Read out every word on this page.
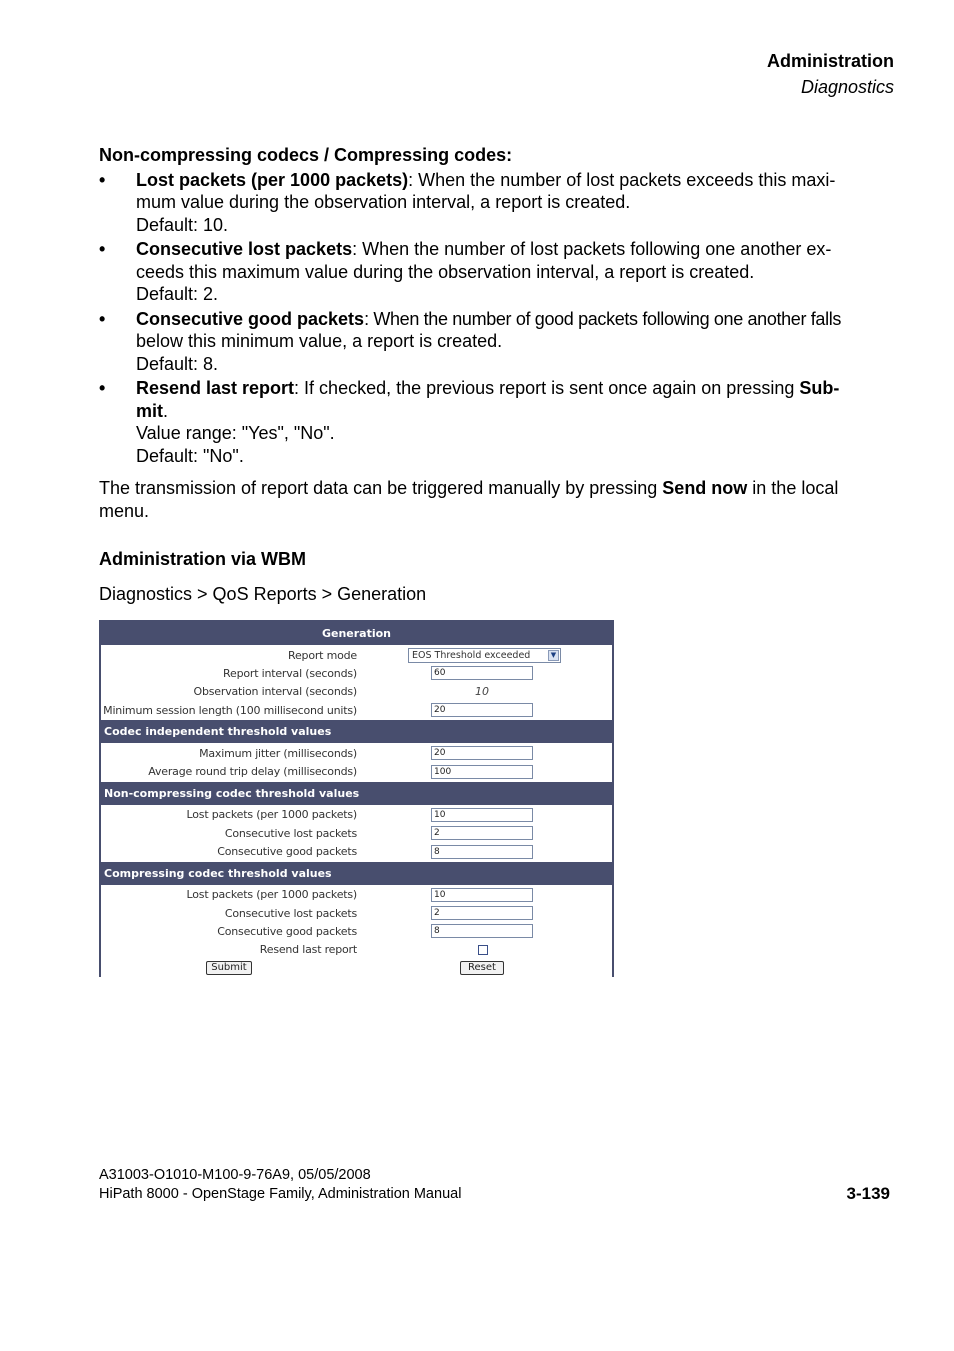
Administration
Diagnostics

Non-compressing codecs / Compressing codes:

• Lost packets (per 1000 packets): When the number of lost packets exceeds this maxi-
mum value during the observation interval, a report is created.
Default: 10.
• Consecutive lost packets: When the number of lost packets following one another ex-
ceeds this maximum value during the observation interval, a report is created.
Default: 2.
• Consecutive good packets: When the number of good packets following one another falls
below this minimum value, a report is created.
Default: 8.
• Resend last report: If checked, the previous report is sent once again on pressing Sub-
mit.
Value range: "Yes", "No".
Default: "No".

The transmission of report data can be triggered manually by pressing Send now in the local
menu.

Administration via WBM

Diagnostics > QoS Reports > Generation

Generation
Report mode	EOS Threshold exceeded	▼
Report interval (seconds)	60
Observation interval (seconds)	10
Minimum session length (100 millisecond units)	20
Codec independent threshold values
Maximum jitter (milliseconds)	20
Average round trip delay (milliseconds)	100
Non-compressing codec threshold values
Lost packets (per 1000 packets)	10
Consecutive lost packets	2
Consecutive good packets	8
Compressing codec threshold values
Lost packets (per 1000 packets)	10
Consecutive lost packets	2
Consecutive good packets	8
Resend last report
Submit	Reset
A31003-O1010-M100-9-76A9, 05/05/2008
HiPath 8000 - OpenStage Family, Administration Manual	3-139
